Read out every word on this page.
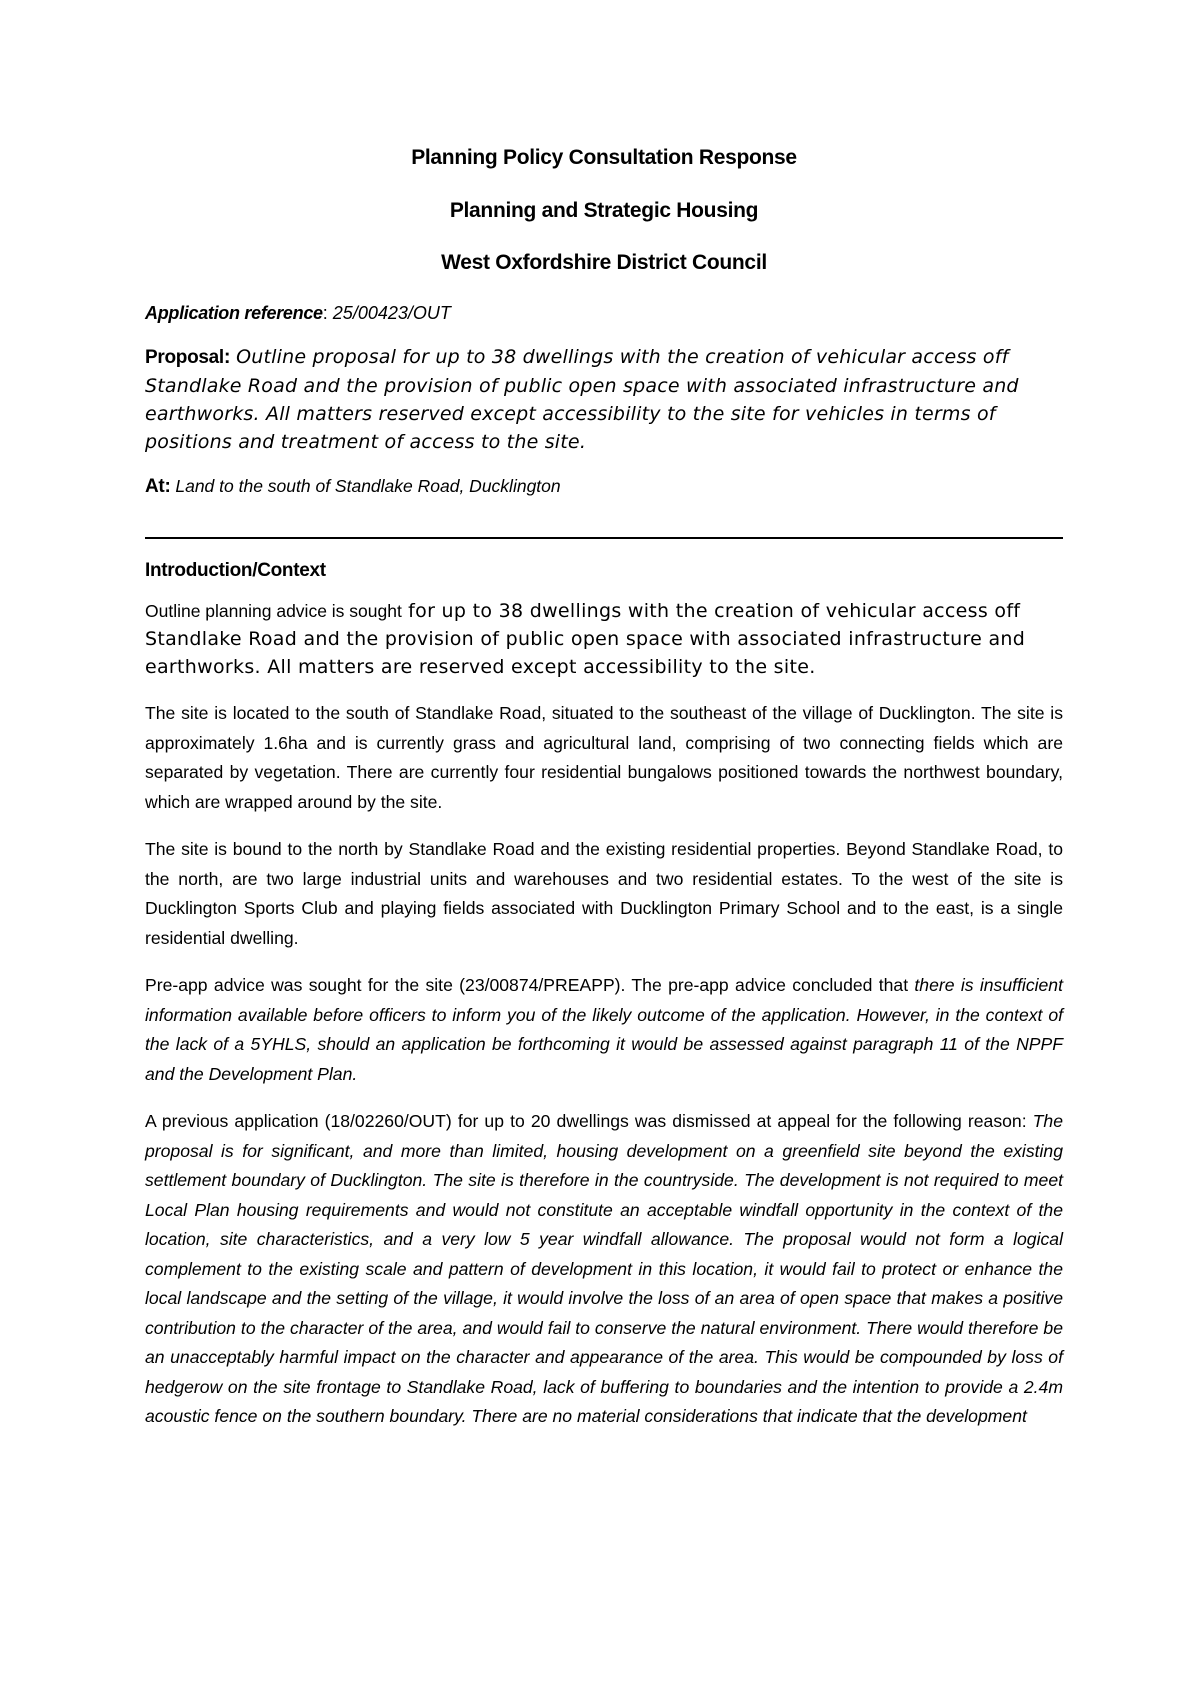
Planning Policy Consultation Response

Planning and Strategic Housing

West Oxfordshire District Council

Application reference: 25/00423/OUT
Proposal: Outline proposal for up to 38 dwellings with the creation of vehicular access off Standlake Road and the provision of public open space with associated infrastructure and earthworks. All matters reserved except accessibility to the site for vehicles in terms of positions and treatment of access to the site.
At: Land to the south of Standlake Road, Ducklington
Introduction/Context

Outline planning advice is sought for up to 38 dwellings with the creation of vehicular access off Standlake Road and the provision of public open space with associated infrastructure and earthworks. All matters are reserved except accessibility to the site.

The site is located to the south of Standlake Road, situated to the southeast of the village of Ducklington. The site is approximately 1.6ha and is currently grass and agricultural land, comprising of two connecting fields which are separated by vegetation. There are currently four residential bungalows positioned towards the northwest boundary, which are wrapped around by the site.

The site is bound to the north by Standlake Road and the existing residential properties. Beyond Standlake Road, to the north, are two large industrial units and warehouses and two residential estates. To the west of the site is Ducklington Sports Club and playing fields associated with Ducklington Primary School and to the east, is a single residential dwelling.

Pre-app advice was sought for the site (23/00874/PREAPP). The pre-app advice concluded that there is insufficient information available before officers to inform you of the likely outcome of the application. However, in the context of the lack of a 5YHLS, should an application be forthcoming it would be assessed against paragraph 11 of the NPPF and the Development Plan.

A previous application (18/02260/OUT) for up to 20 dwellings was dismissed at appeal for the following reason: The proposal is for significant, and more than limited, housing development on a greenfield site beyond the existing settlement boundary of Ducklington. The site is therefore in the countryside. The development is not required to meet Local Plan housing requirements and would not constitute an acceptable windfall opportunity in the context of the location, site characteristics, and a very low 5 year windfall allowance. The proposal would not form a logical complement to the existing scale and pattern of development in this location, it would fail to protect or enhance the local landscape and the setting of the village, it would involve the loss of an area of open space that makes a positive contribution to the character of the area, and would fail to conserve the natural environment. There would therefore be an unacceptably harmful impact on the character and appearance of the area. This would be compounded by loss of hedgerow on the site frontage to Standlake Road, lack of buffering to boundaries and the intention to provide a 2.4m acoustic fence on the southern boundary. There are no material considerations that indicate that the development
